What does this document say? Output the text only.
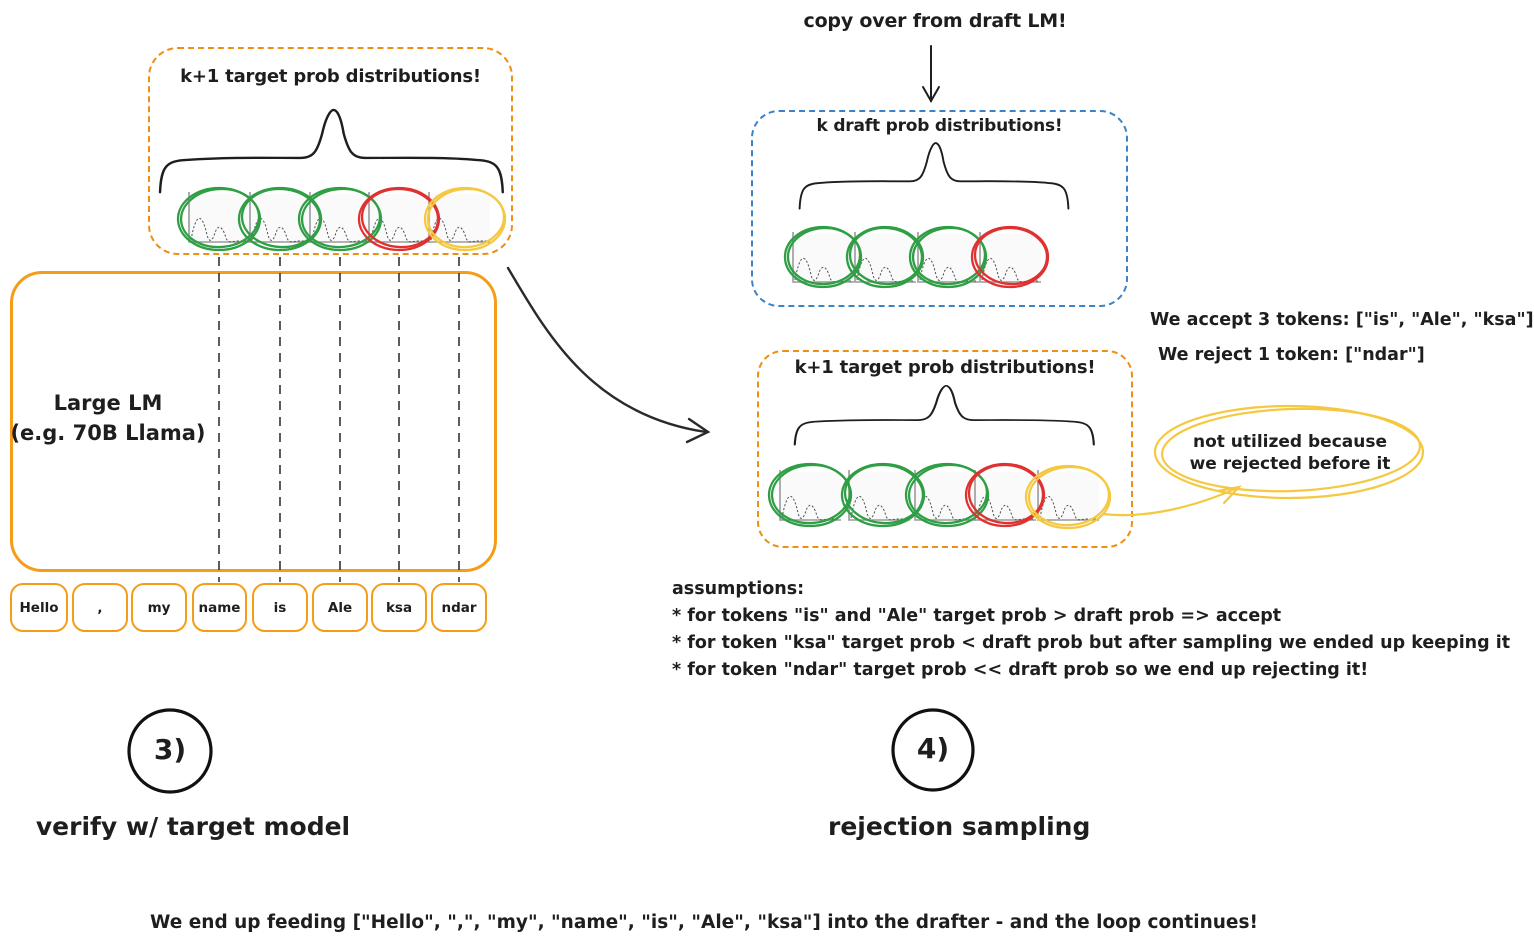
k+1 target prob distributions!
k draft prob distributions!
k+1 target prob distributions!
Large LM
(e.g. 70B Llama)
copy over from draft LM!
Hello	,	my	name	is	Ale	ksa	ndar
We accept 3 tokens: ["is", "Ale", "ksa"]
We reject 1 token: ["ndar"]
not utilized because
we rejected before it
assumptions:
* for tokens "is" and "Ale" target prob > draft prob => accept
* for token "ksa" target prob < draft prob but after sampling we ended up keeping it
* for token "ndar" target prob << draft prob so we end up rejecting it!
3)
verify w/ target model
4)
rejection sampling
We end up feeding ["Hello", ",", "my", "name", "is", "Ale", "ksa"] into the drafter - and the loop continues!
